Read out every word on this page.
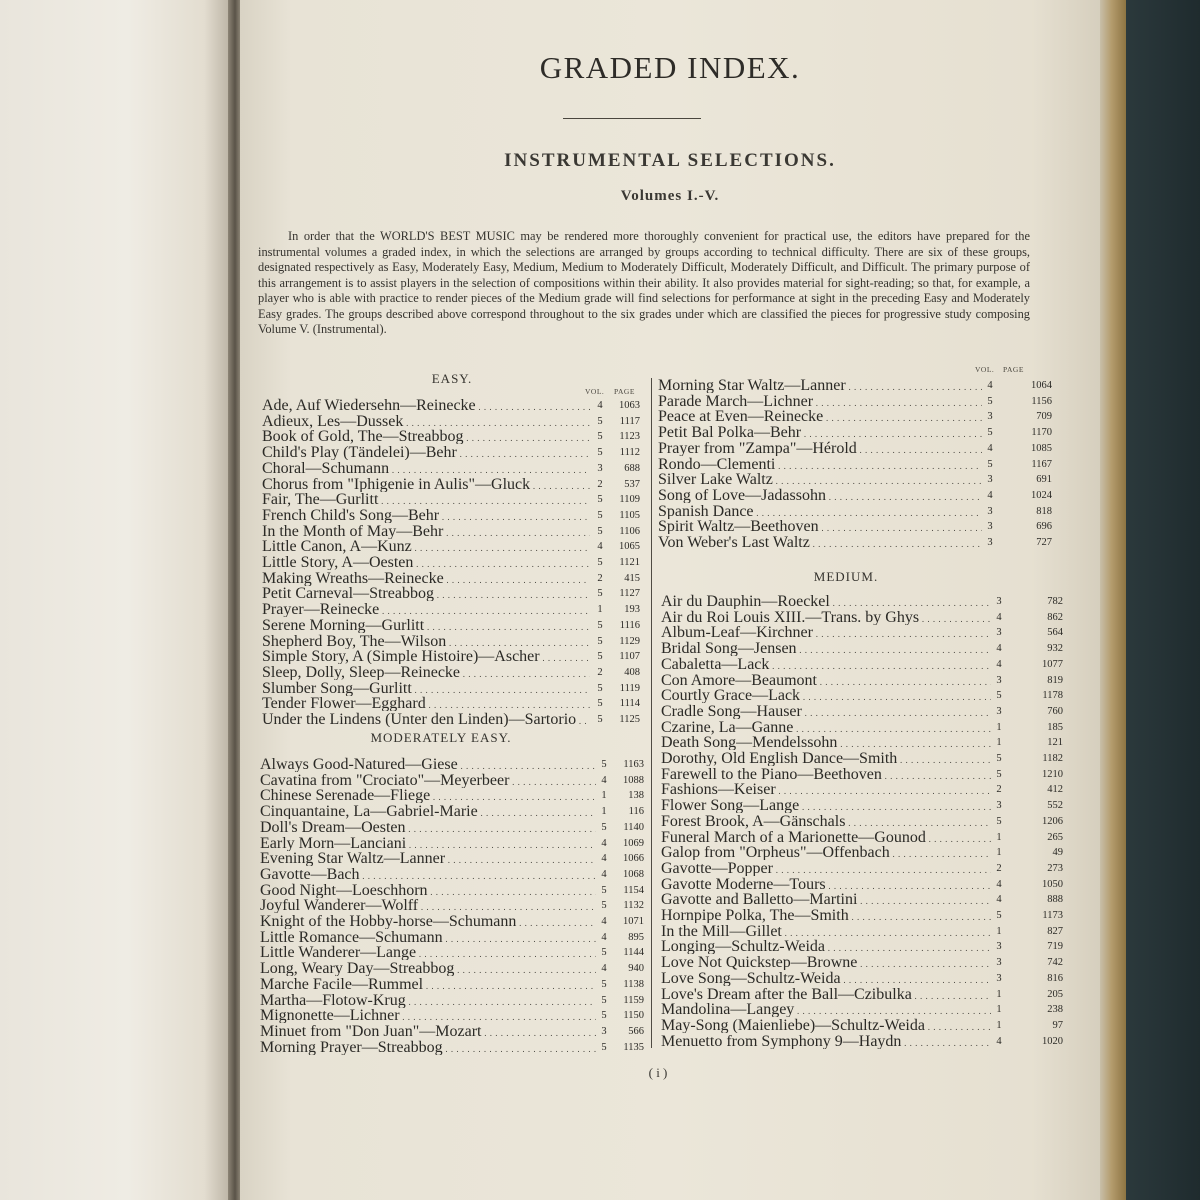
GRADED INDEX.
INSTRUMENTAL SELECTIONS.
Volumes I.-V.
In order that the WORLD'S BEST MUSIC may be rendered more thoroughly convenient for practical use, the editors have prepared for the instrumental volumes a graded index, in which the selections are arranged by groups according to technical difficulty. There are six of these groups, designated respectively as Easy, Moderately Easy, Medium, Medium to Moderately Difficult, Moderately Difficult, and Difficult. The primary purpose of this arrangement is to assist players in the selection of compositions within their ability. It also provides material for sight-reading; so that, for example, a player who is able with practice to render pieces of the Medium grade will find selections for performance at sight in the preceding Easy and Moderately Easy grades. The groups described above correspond throughout to the six grades under which are classified the pieces for progressive study composing Volume V. (Instrumental).
EASY.
VOL. PAGE
Ade, Auf Wiedersehn—Reinecke . . .	4	1063
Adieux, Les—Dussek . . .	5	1117
Book of Gold, The—Streabbog . . .	5	1123
Child's Play (Tändelei)—Behr . . .	5	1112
Choral—Schumann . . .	3	688
Chorus from "Iphigenie in Aulis"—Gluck . . .	2	537
Fair, The—Gurlitt . . .	5	1109
French Child's Song—Behr . . .	5	1105
In the Month of May—Behr . . .	5	1106
Little Canon, A—Kunz . . .	4	1065
Little Story, A—Oesten . . .	5	1121
Making Wreaths—Reinecke . . .	2	415
Petit Carneval—Streabbog . . .	5	1127
Prayer—Reinecke . . .	1	193
Serene Morning—Gurlitt . . .	5	1116
Shepherd Boy, The—Wilson . . .	5	1129
Simple Story, A (Simple Histoire)—Ascher . . .	5	1107
Sleep, Dolly, Sleep—Reinecke . . .	2	408
Slumber Song—Gurlitt . . .	5	1119
Tender Flower—Egghard . . .	5	1114
Under the Lindens (Unter den Linden)—Sartorio . . .	5	1125
MODERATELY EASY.
Always Good-Natured—Giese . . .	5	1163
Cavatina from "Crociato"—Meyerbeer . . .	4	1088
Chinese Serenade—Fliege . . .	1	138
Cinquantaine, La—Gabriel-Marie . . .	1	116
Doll's Dream—Oesten . . .	5	1140
Early Morn—Lanciani . . .	4	1069
Evening Star Waltz—Lanner . . .	4	1066
Gavotte—Bach . . .	4	1068
Good Night—Loeschhorn . . .	5	1154
Joyful Wanderer—Wolff . . .	5	1132
Knight of the Hobby-horse—Schumann . . .	4	1071
Little Romance—Schumann . . .	4	895
Little Wanderer—Lange . . .	5	1144
Long, Weary Day—Streabbog . . .	4	940
Marche Facile—Rummel . . .	5	1138
Martha—Flotow-Krug . . .	5	1159
Mignonette—Lichner . . .	5	1150
Minuet from "Don Juan"—Mozart . . .	3	566
Morning Prayer—Streabbog . . .	5	1135
VOL. PAGE
Morning Star Waltz—Lanner . . .	4	1064
Parade March—Lichner . . .	5	1156
Peace at Even—Reinecke . . .	3	709
Petit Bal Polka—Behr . . .	5	1170
Prayer from "Zampa"—Hérold . . .	4	1085
Rondo—Clementi . . .	5	1167
Silver Lake Waltz . . .	3	691
Song of Love—Jadassohn . . .	4	1024
Spanish Dance . . .	3	818
Spirit Waltz—Beethoven . . .	3	696
Von Weber's Last Waltz . . .	3	727
MEDIUM.
Air du Dauphin—Roeckel . . .	3	782
Air du Roi Louis XIII.—Trans. by Ghys . . .	4	862
Album-Leaf—Kirchner . . .	3	564
Bridal Song—Jensen . . .	4	932
Cabaletta—Lack . . .	4	1077
Con Amore—Beaumont . . .	3	819
Courtly Grace—Lack . . .	5	1178
Cradle Song—Hauser . . .	3	760
Czarine, La—Ganne . . .	1	185
Death Song—Mendelssohn . . .	1	121
Dorothy, Old English Dance—Smith . . .	5	1182
Farewell to the Piano—Beethoven . . .	5	1210
Fashions—Keiser . . .	2	412
Flower Song—Lange . . .	3	552
Forest Brook, A—Gänschals . . .	5	1206
Funeral March of a Marionette—Gounod . . .	1	265
Galop from "Orpheus"—Offenbach . . .	1	49
Gavotte—Popper . . .	2	273
Gavotte Moderne—Tours . . .	4	1050
Gavotte and Balletto—Martini . . .	4	888
Hornpipe Polka, The—Smith . . .	5	1173
In the Mill—Gillet . . .	1	827
Longing—Schultz-Weida . . .	3	719
Love Not Quickstep—Browne . . .	3	742
Love Song—Schultz-Weida . . .	3	816
Love's Dream after the Ball—Czibulka . . .	1	205
Mandolina—Langey . . .	1	238
May-Song (Maienliebe)—Schultz-Weida . . .	1	97
Menuetto from Symphony 9—Haydn . . .	4	1020
( i )
